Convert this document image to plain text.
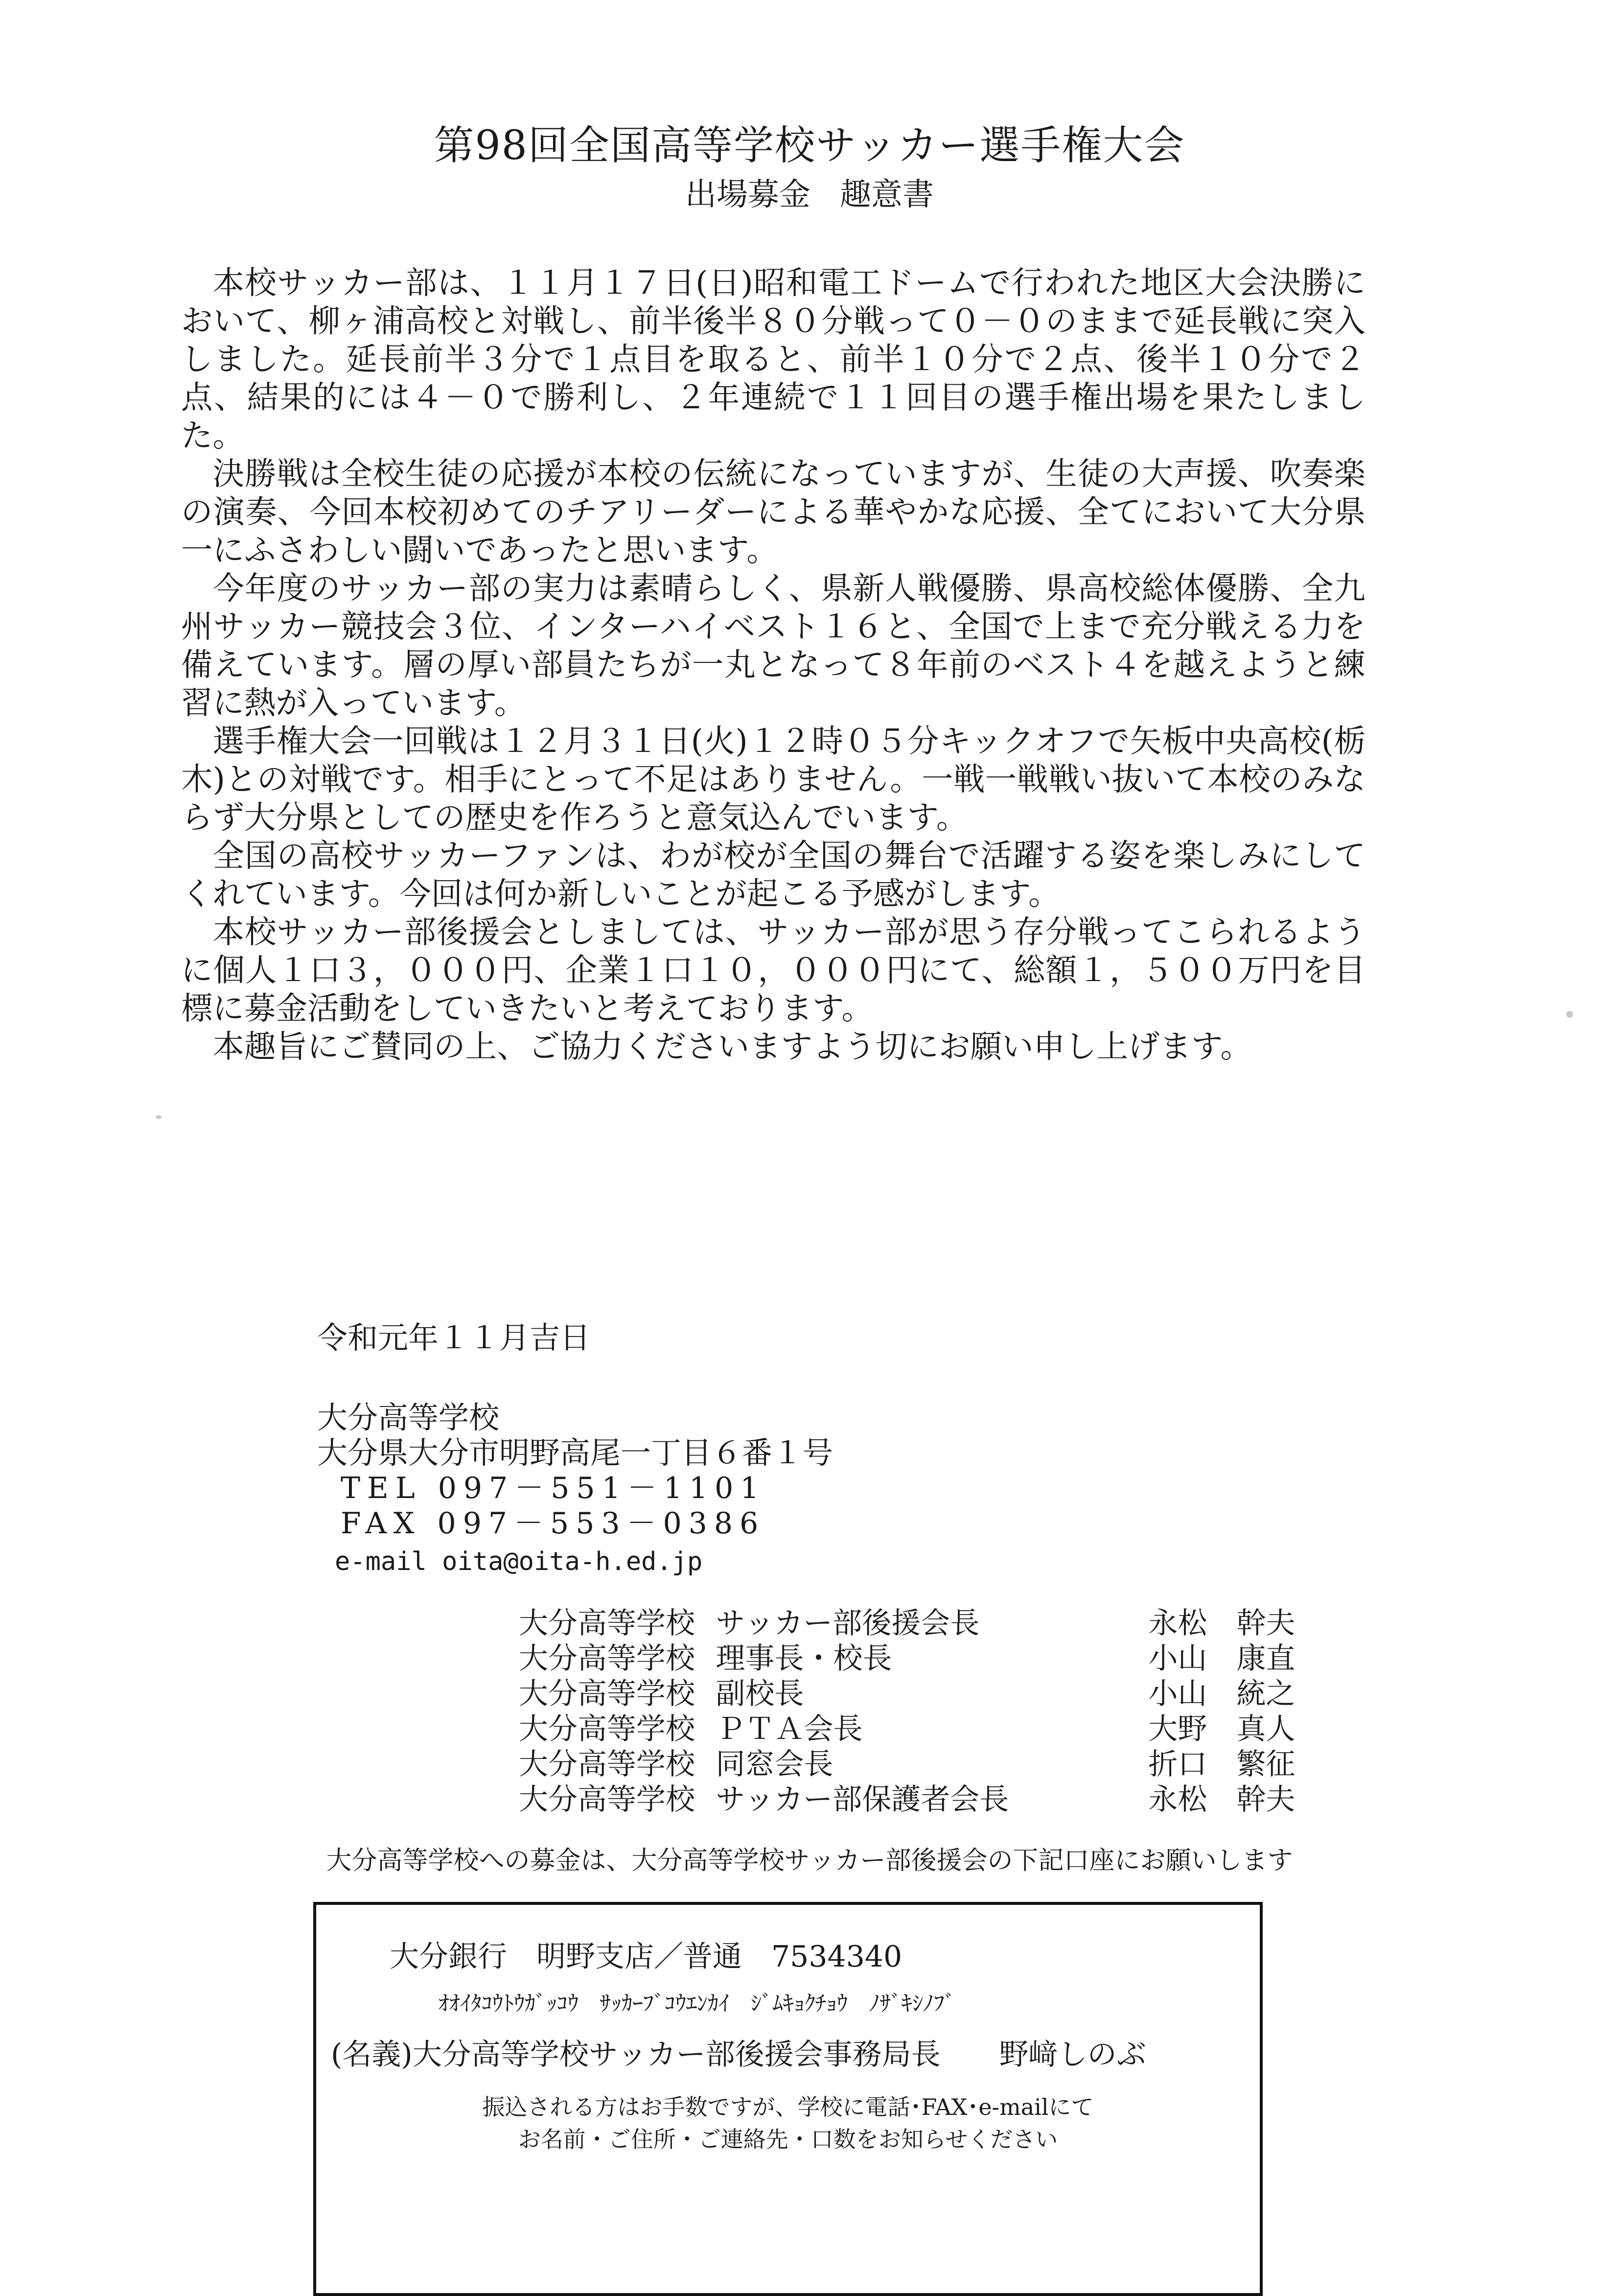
第98回全国高等学校サッカー選手権大会
出場募金 趣意書

本校サッカー部は、１１月１７日(日)昭和電工ドームで行われた地区大会決勝において、柳ヶ浦高校と対戦し、前半後半８０分戦って０－０のままで延長戦に突入しました。延長前半３分で１点目を取ると、前半１０分で２点、後半１０分で２点、結果的には４－０で勝利し、２年連続で１１回目の選手権出場を果たしました。

決勝戦は全校生徒の応援が本校の伝統になっていますが、生徒の大声援、吹奏楽の演奏、今回本校初めてのチアリーダーによる華やかな応援、全てにおいて大分県一にふさわしい闘いであったと思います。

今年度のサッカー部の実力は素晴らしく、県新人戦優勝、県高校総体優勝、全九州サッカー競技会３位、インターハイベスト１６と、全国で上まで充分戦える力を備えています。層の厚い部員たちが一丸となって８年前のベスト４を越えようと練習に熱が入っています。

選手権大会一回戦は１２月３１日(火)１２時０５分キックオフで矢板中央高校(栃木)との対戦です。相手にとって不足はありません。一戦一戦戦い抜いて本校のみならず大分県としての歴史を作ろうと意気込んでいます。

全国の高校サッカーファンは、わが校が全国の舞台で活躍する姿を楽しみにしてくれています。今回は何か新しいことが起こる予感がします。

本校サッカー部後援会としましては、サッカー部が思う存分戦ってこられるように個人１口３，０００円、企業１口１０，０００円にて、総額１，５００万円を目標に募金活動をしていきたいと考えております。

本趣旨にご賛同の上、ご協力くださいますよう切にお願い申し上げます。

令和元年１１月吉日
大分高等学校
大分県大分市明野高尾一丁目６番１号
TEL 097－551－1101
FAX 097－553－0386
e-mail oita@oita-h.ed.jp
大分高等学校 サッカー部後援会長	永松　幹夫
大分高等学校 理事長・校長	小山　康直
大分高等学校 副校長	小山　統之
大分高等学校 ＰＴＡ会長	大野　真人
大分高等学校 同窓会長	折口　繁征
大分高等学校 サッカー部保護者会長	永松　幹夫
大分高等学校への募金は、大分高等学校サッカー部後援会の下記口座にお願いします
大分銀行　明野支店／普通　7534340
ｵｵｲﾀｺｳﾄｳｶﾞｯｺｳ　ｻｯｶｰﾌﾞｺｳｴﾝｶｲ　ｼﾞﾑｷｮｸﾁｮｳ　ﾉｻﾞｷｼﾉﾌﾞ
(名義)大分高等学校サッカー部後援会事務局長　　野﨑しのぶ
振込される方はお手数ですが、学校に電話･FAX･e-mailにて
お名前・ご住所・ご連絡先・口数をお知らせください
